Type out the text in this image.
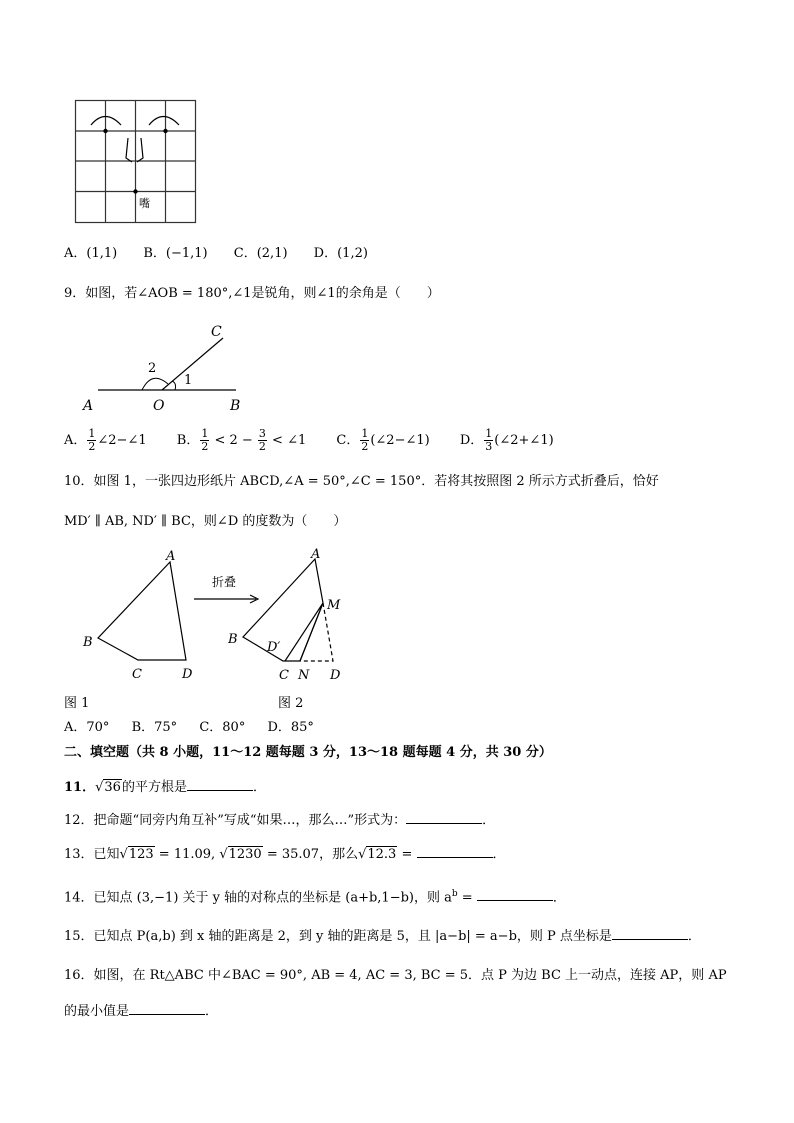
嘴
A．(1,1) B．(−1,1) C．(2,1) D．(1,2)
9．如图，若∠AOB = 180°,∠1是锐角，则∠1的余角是（　　）
C
2
1
A	O	B
A． $\frac{1}{2}$ ∠2−∠1 B． $\frac{1}{2} < 2 - \frac{3}{2}$ < ∠1 C． $\frac{1}{2}$ (∠2−∠1) D． $\frac{1}{3}$ (∠2+∠1)
10．如图 1，一张四边形纸片 ABCD,∠A = 50°,∠C = 150°．若将其按照图 2 所示方式折叠后，恰好
MD′ ∥ AB, ND′ ∥ BC，则∠D 的度数为（　　）
A
B
C	D
折叠
A
M
B
D′
C N D
图 1	图 2
A．70° B．75° C．80° D．85°
二、填空题（共 8 小题，11～12 题每题 3 分，13～18 题每题 4 分，共 30 分）
11．√36的平方根是	．
12．把命题“同旁内角互补”写成“如果…，那么…”形式为：	．
13．已知√123 = 11.09, √1230 = 35.07，那么√12.3 =	．
14．已知点 (3,−1) 关于 y 轴的对称点的坐标是 (a+b,1−b)，则 $a^b$ =	．
15．已知点 P(a,b) 到 x 轴的距离是 2，到 y 轴的距离是 5，且 |a−b| = a−b，则 P 点坐标是	．
16．如图，在 Rt△ABC 中∠BAC = 90°, AB = 4, AC = 3, BC = 5．点 P 为边 BC 上一动点，连接 AP，则 AP
的最小值是	．
